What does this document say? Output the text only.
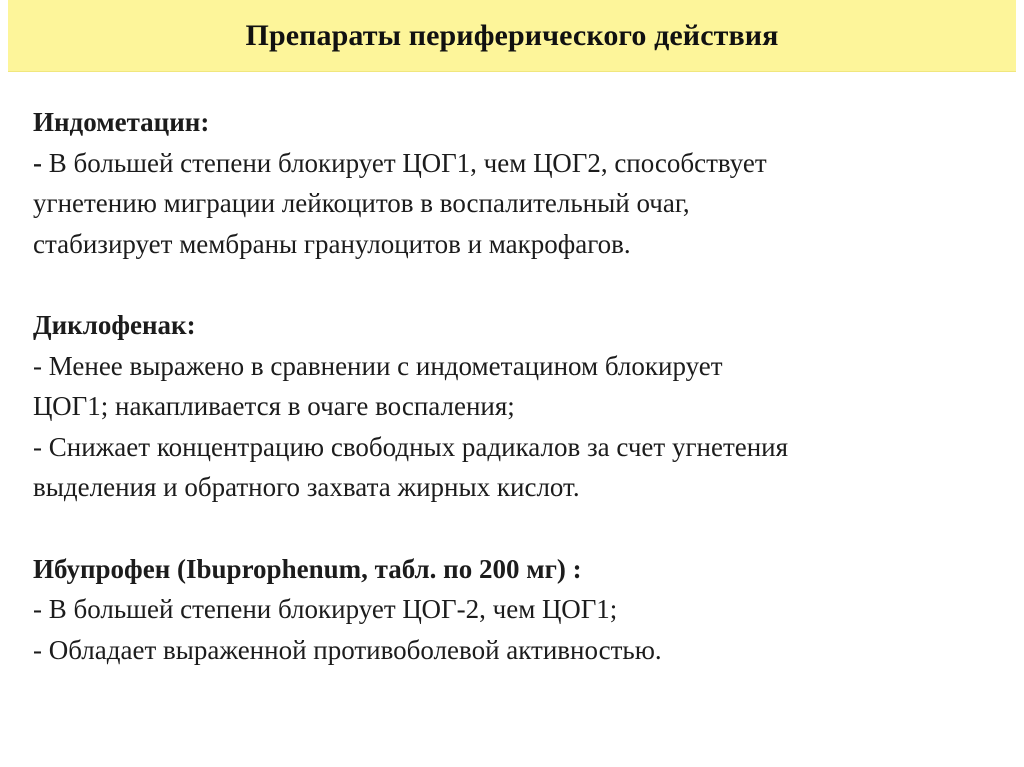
Препараты периферического действия
Индометацин:
- В большей степени блокирует ЦОГ1, чем ЦОГ2, способствует
угнетению миграции лейкоцитов в воспалительный очаг,
стабизирует мембраны гранулоцитов и макрофагов.
Диклофенак:
- Менее выражено в сравнении с индометацином блокирует
ЦОГ1; накапливается в очаге воспаления;
- Снижает концентрацию свободных радикалов за счет угнетения
выделения и обратного захвата жирных кислот.
Ибупрофен (Ibuprophenum, табл. по 200 мг) :
- В большей степени блокирует ЦОГ-2, чем ЦОГ1;
- Обладает выраженной противоболевой активностью.
